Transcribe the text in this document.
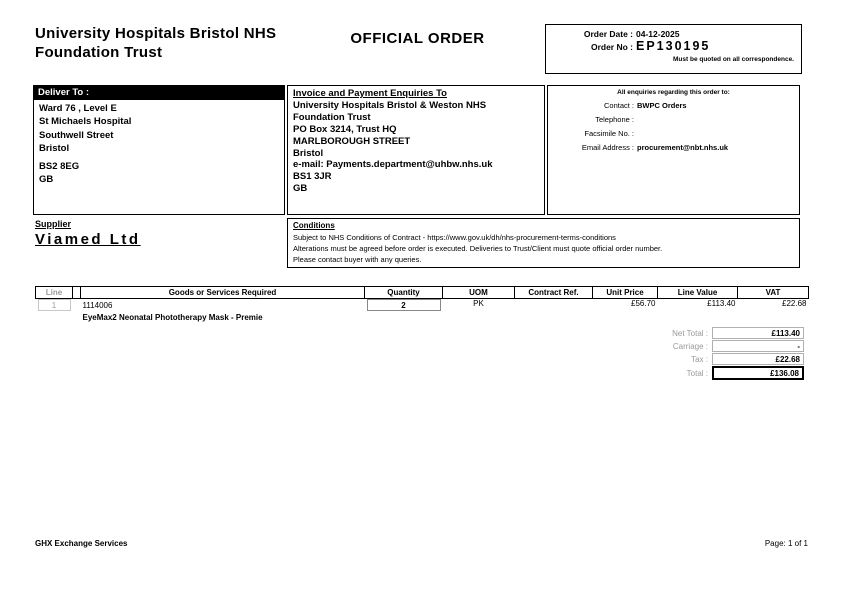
University Hospitals Bristol NHS Foundation Trust
OFFICIAL ORDER	Order Date : 04-12-2025
Order No : EP130195
Must be quoted on all correspondence.
Deliver To :
Ward 76 , Level E
St Michaels Hospital
Southwell Street
Bristol
BS2 8EG
GB
Invoice and Payment Enquiries To
University Hospitals Bristol & Weston NHS Foundation Trust
PO Box 3214, Trust HQ
MARLBOROUGH STREET
Bristol
e-mail: Payments.department@uhbw.nhs.uk
BS1 3JR
GB
All enquiries regarding this order to:
Contact : BWPC Orders
Telephone :
Facsimile No. :
Email Address : procurement@nbt.nhs.uk
Supplier
Viamed Ltd
Conditions
Subject to NHS Conditions of Contract - https://www.gov.uk/dh/nhs-procurement-terms-conditions
Alterations must be agreed before order is executed. Deliveries to Trust/Client must quote official order number.
Please contact buyer with any queries.
Line		Goods or Services Required	Quantity	UOM	Contract Ref.	Unit Price	Line Value	VAT

1		1114006
EyeMax2 Neonatal Phototherapy Mask - Premie	2	PK		£56.70	£113.40	£22.68
Net Total :	£113.40
Carriage :	-
Tax :	£22.68
Total :	£136.08
GHX Exchange Services	Page: 1 of 1
